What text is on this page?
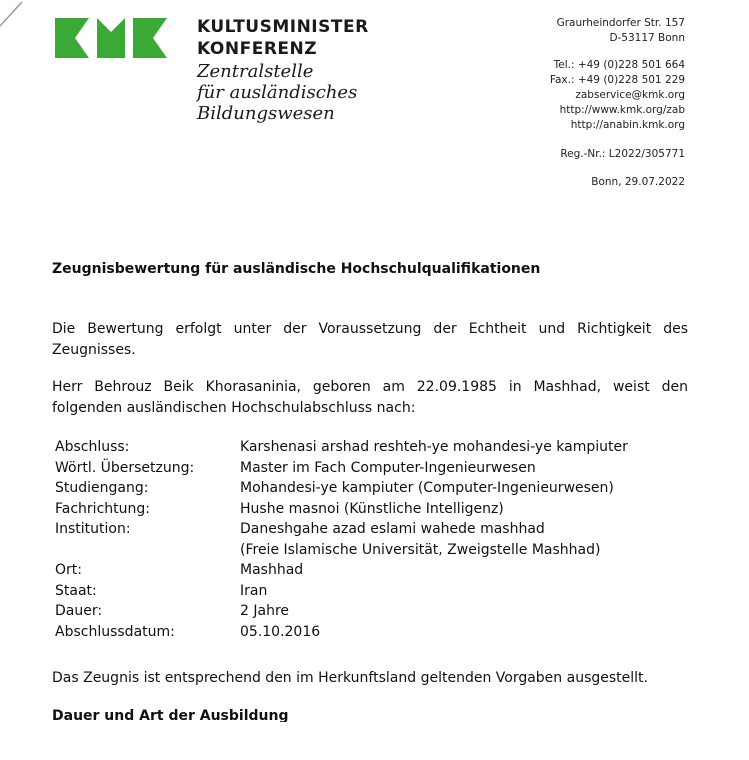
KULTUSMINISTER
KONFERENZ
Zentralstelle
für ausländisches
Bildungswesen
Graurheindorfer Str. 157
D-53117 Bonn
Tel.: +49 (0)228 501 664
Fax.: +49 (0)228 501 229
zabservice@kmk.org
http://www.kmk.org/zab
http://anabin.kmk.org
Reg.-Nr.: L2022/305771
Bonn, 29.07.2022
Zeugnisbewertung für ausländische Hochschulqualifikationen
Die Bewertung erfolgt unter der Voraussetzung der Echtheit und Richtigkeit des Zeugnisses.
Herr Behrouz Beik Khorasaninia, geboren am 22.09.1985 in Mashhad, weist den folgenden ausländischen Hochschulabschluss nach:
Abschluss:	Karshenasi arshad reshteh-ye mohandesi-ye kampiuter
Wörtl. Übersetzung:	Master im Fach Computer-Ingenieurwesen
Studiengang:	Mohandesi-ye kampiuter (Computer-Ingenieurwesen)
Fachrichtung:	Hushe masnoi (Künstliche Intelligenz)
Institution:	Daneshgahe azad eslami wahede mashhad
(Freie Islamische Universität, Zweigstelle Mashhad)
Ort:	Mashhad
Staat:	Iran
Dauer:	2 Jahre
Abschlussdatum:	05.10.2016
Das Zeugnis ist entsprechend den im Herkunftsland geltenden Vorgaben ausgestellt.
Dauer und Art der Ausbildung
